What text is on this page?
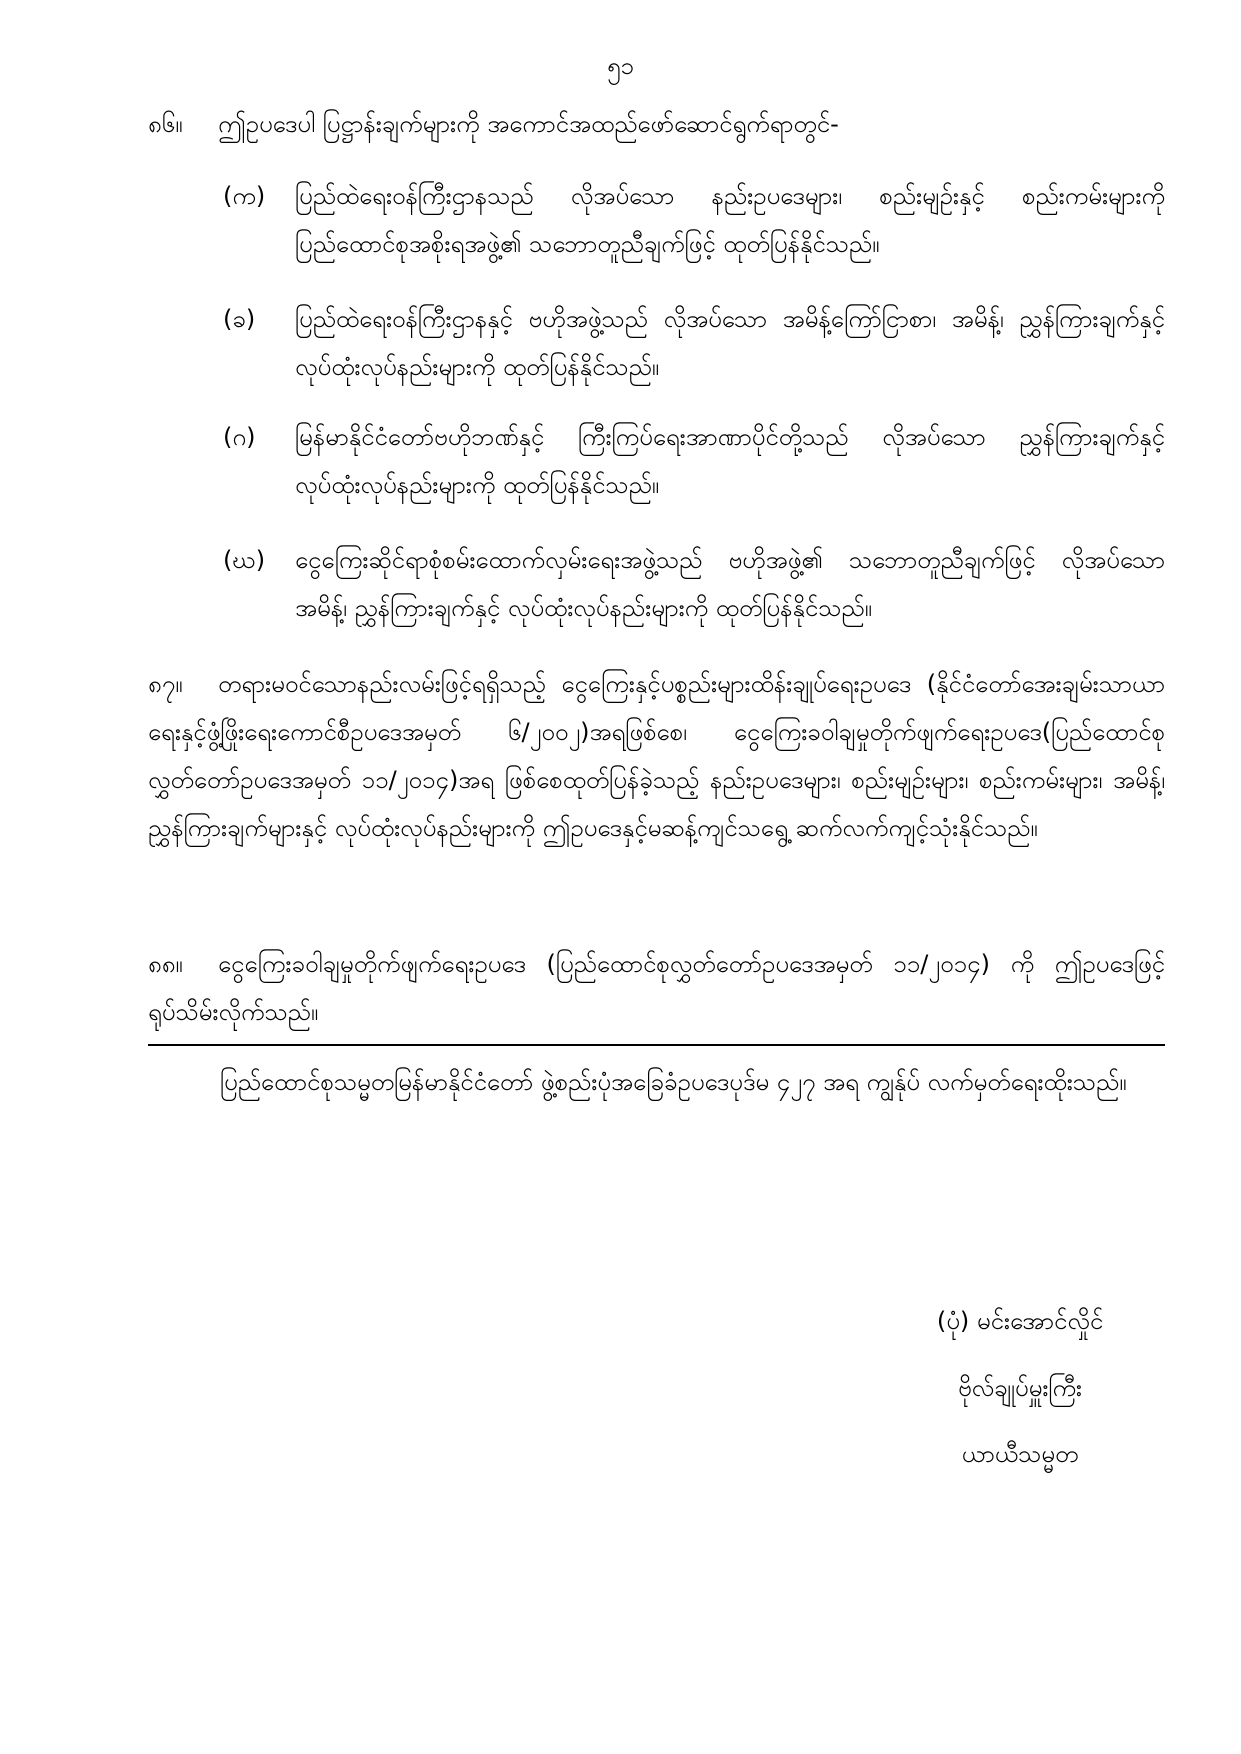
၅၁
၈၆။ ဤဥပဒေပါ ပြဋ္ဌာန်းချက်များကို အကောင်အထည်ဖော်ဆောင်ရွက်ရာတွင်-
(က)	ပြည်ထဲရေးဝန်ကြီးဌာနသည် လိုအပ်သော နည်းဥပဒေများ၊ စည်းမျဉ်းနှင့် စည်းကမ်းများကို ပြည်ထောင်စုအစိုးရအဖွဲ့၏ သဘောတူညီချက်ဖြင့် ထုတ်ပြန်နိုင်သည်။
(ခ)	ပြည်ထဲရေးဝန်ကြီးဌာနနှင့် ဗဟိုအဖွဲ့သည် လိုအပ်သော အမိန့်ကြော်ငြာစာ၊ အမိန့်၊ ညွှန်ကြားချက်နှင့် လုပ်ထုံးလုပ်နည်းများကို ထုတ်ပြန်နိုင်သည်။
(ဂ)	မြန်မာနိုင်ငံတော်ဗဟိုဘဏ်နှင့် ကြီးကြပ်ရေးအာဏာပိုင်တို့သည် လိုအပ်သော ညွှန်ကြားချက်နှင့် လုပ်ထုံးလုပ်နည်းများကို ထုတ်ပြန်နိုင်သည်။
(ဃ)	ငွေကြေးဆိုင်ရာစုံစမ်းထောက်လှမ်းရေးအဖွဲ့သည် ဗဟိုအဖွဲ့၏ သဘောတူညီချက်ဖြင့် လိုအပ်သော အမိန့်၊ ညွှန်ကြားချက်နှင့် လုပ်ထုံးလုပ်နည်းများကို ထုတ်ပြန်နိုင်သည်။
၈၇။ တရားမဝင်သောနည်းလမ်းဖြင့်ရရှိသည့် ငွေကြေးနှင့်ပစ္စည်းများထိန်းချုပ်ရေးဥပဒေ (နိုင်ငံတော်အေးချမ်းသာယာရေးနှင့်ဖွံ့ဖြိုးရေးကောင်စီဥပဒေအမှတ် ၆/၂၀၀၂)အရဖြစ်စေ၊ ငွေကြေးခဝါချမှုတိုက်ဖျက်ရေးဥပဒေ(ပြည်ထောင်စုလွှတ်တော်ဥပဒေအမှတ် ၁၁/၂၀၁၄)အရ ဖြစ်စေထုတ်ပြန်ခဲ့သည့် နည်းဥပဒေများ၊ စည်းမျဉ်းများ၊ စည်းကမ်းများ၊ အမိန့်၊ ညွှန်ကြားချက်များနှင့် လုပ်ထုံးလုပ်နည်းများကို ဤဥပဒေနှင့်မဆန့်ကျင်သရွေ့ ဆက်လက်ကျင့်သုံးနိုင်သည်။
၈၈။ ငွေကြေးခဝါချမှုတိုက်ဖျက်ရေးဥပဒေ (ပြည်ထောင်စုလွှတ်တော်ဥပဒေအမှတ် ၁၁/၂၀၁၄) ကို ဤဥပဒေဖြင့် ရုပ်သိမ်းလိုက်သည်။
ပြည်ထောင်စုသမ္မတမြန်မာနိုင်ငံတော် ဖွဲ့စည်းပုံအခြေခံဥပဒေပုဒ်မ ၄၂၇ အရ ကျွန်ုပ် လက်မှတ်ရေးထိုးသည်။
(ပုံ) မင်းအောင်လှိုင်
ဗိုလ်ချုပ်မှူးကြီး
ယာယီသမ္မတ
